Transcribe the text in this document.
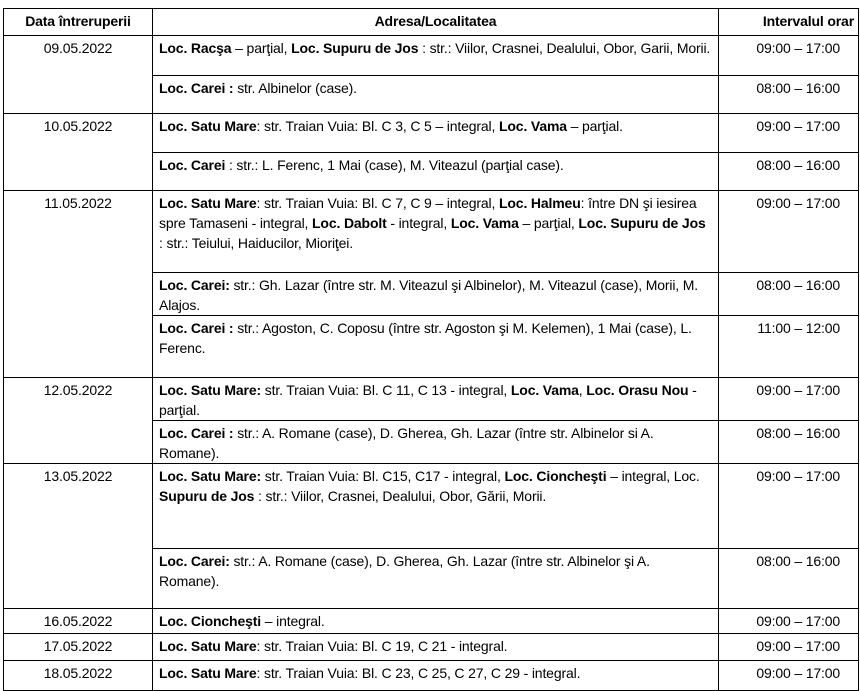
Data întreruperii	Adresa/Localitatea	Intervalul orar
09.05.2022	Loc. Racşa – parţial, Loc. Supuru de Jos : str.: Viilor, Crasnei, Dealului, Obor, Garii, Morii.	09:00 – 17:00
	Loc. Carei : str. Albinelor (case).	08:00 – 16:00
10.05.2022	Loc. Satu Mare: str. Traian Vuia: Bl. C 3, C 5 – integral, Loc. Vama – parţial.	09:00 – 17:00
	Loc. Carei : str.: L. Ferenc, 1 Mai (case), M. Viteazul (parţial case).	08:00 – 16:00
11.05.2022	Loc. Satu Mare: str. Traian Vuia: Bl. C 7, C 9 – integral, Loc. Halmeu: între DN şi iesirea spre Tamaseni - integral, Loc. Dabolt - integral, Loc. Vama – parţial, Loc. Supuru de Jos : str.: Teiului, Haiducilor, Mioriţei.	09:00 – 17:00
	Loc. Carei: str.: Gh. Lazar (între str. M. Viteazul şi Albinelor), M. Viteazul (case), Morii, M. Alajos.	08:00 – 16:00
	Loc. Carei : str.: Agoston, C. Coposu (între str. Agoston şi M. Kelemen), 1 Mai (case), L. Ferenc.	11:00 – 12:00
12.05.2022	Loc. Satu Mare: str. Traian Vuia: Bl. C 11, C 13 - integral, Loc. Vama, Loc. Orasu Nou - parţial.	09:00 – 17:00
	Loc. Carei : str.: A. Romane (case), D. Gherea, Gh. Lazar (între str. Albinelor si A. Romane).	08:00 – 16:00
13.05.2022	Loc. Satu Mare: str. Traian Vuia: Bl. C15, C17 - integral, Loc. Cioncheşti – integral, Loc. Supuru de Jos : str.: Viilor, Crasnei, Dealului, Obor, Gării, Morii.	09:00 – 17:00
	Loc. Carei: str.: A. Romane (case), D. Gherea, Gh. Lazar (între str. Albinelor şi A. Romane).	08:00 – 16:00
16.05.2022	Loc. Cioncheşti – integral.	09:00 – 17:00
17.05.2022	Loc. Satu Mare: str. Traian Vuia: Bl. C 19, C 21 - integral.	09:00 – 17:00
18.05.2022	Loc. Satu Mare: str. Traian Vuia: Bl. C 23, C 25, C 27, C 29 - integral.	09:00 – 17:00
